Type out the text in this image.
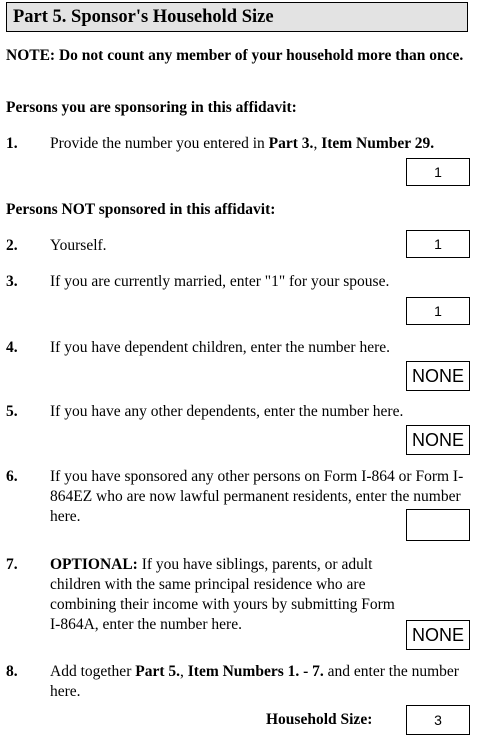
Part 5. Sponsor's Household Size
NOTE: Do not count any member of your household more than once.
Persons you are sponsoring in this affidavit:
1. Provide the number you entered in Part 3., Item Number 29.
1
Persons NOT sponsored in this affidavit:
2. Yourself.	1
3. If you are currently married, enter "1" for your spouse.
1
4. If you have dependent children, enter the number here.
NONE
5. If you have any other dependents, enter the number here.
NONE
6. If you have sponsored any other persons on Form I-864 or Form I-864EZ who are now lawful permanent residents, enter the number here.
7. OPTIONAL: If you have siblings, parents, or adult children with the same principal residence who are combining their income with yours by submitting Form I-864A, enter the number here.	NONE
8. Add together Part 5., Item Numbers 1. - 7. and enter the number here.
Household Size:	3
